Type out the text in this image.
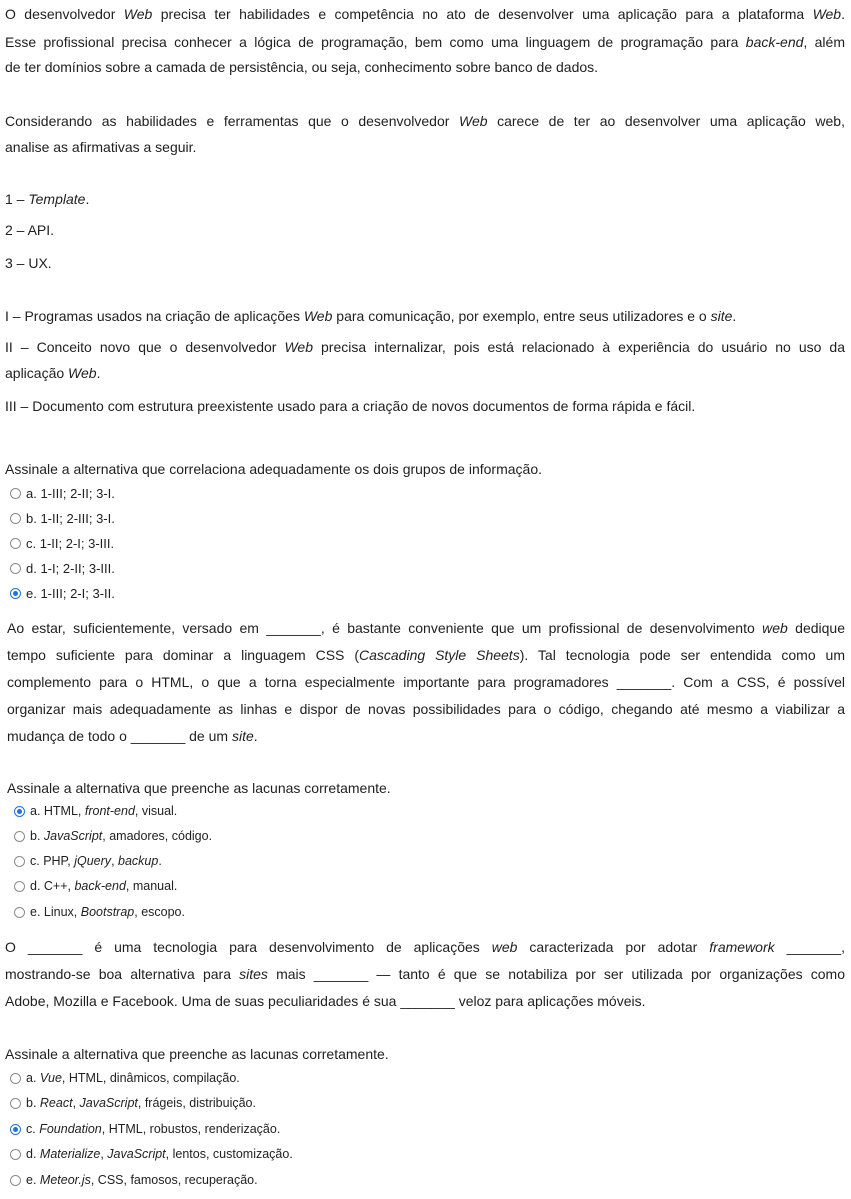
O desenvolvedor Web precisa ter habilidades e competência no ato de desenvolver uma aplicação para a plataforma Web.
Esse profissional precisa conhecer a lógica de programação, bem como uma linguagem de programação para back-end, além
de ter domínios sobre a camada de persistência, ou seja, conhecimento sobre banco de dados.
Considerando as habilidades e ferramentas que o desenvolvedor Web carece de ter ao desenvolver uma aplicação web,
analise as afirmativas a seguir.
1 – Template.
2 – API.
3 – UX.
I – Programas usados na criação de aplicações Web para comunicação, por exemplo, entre seus utilizadores e o site.
II – Conceito novo que o desenvolvedor Web precisa internalizar, pois está relacionado à experiência do usuário no uso da
aplicação Web.
III – Documento com estrutura preexistente usado para a criação de novos documentos de forma rápida e fácil.
Assinale a alternativa que correlaciona adequadamente os dois grupos de informação.
a. 1-III; 2-II; 3-I.
b. 1-II; 2-III; 3-I.
c. 1-II; 2-I; 3-III.
d. 1-I; 2-II; 3-III.
e. 1-III; 2-I; 3-II.
Ao estar, suficientemente, versado em _______, é bastante conveniente que um profissional de desenvolvimento web dedique
tempo suficiente para dominar a linguagem CSS (Cascading Style Sheets). Tal tecnologia pode ser entendida como um
complemento para o HTML, o que a torna especialmente importante para programadores _______. Com a CSS, é possível
organizar mais adequadamente as linhas e dispor de novas possibilidades para o código, chegando até mesmo a viabilizar a
mudança de todo o _______ de um site.
Assinale a alternativa que preenche as lacunas corretamente.
a. HTML, front-end, visual.
b. JavaScript, amadores, código.
c. PHP, jQuery, backup.
d. C++, back-end, manual.
e. Linux, Bootstrap, escopo.
O _______ é uma tecnologia para desenvolvimento de aplicações web caracterizada por adotar framework _______,
mostrando-se boa alternativa para sites mais _______ — tanto é que se notabiliza por ser utilizada por organizações como
Adobe, Mozilla e Facebook. Uma de suas peculiaridades é sua _______ veloz para aplicações móveis.
Assinale a alternativa que preenche as lacunas corretamente.
a. Vue, HTML, dinâmicos, compilação.
b. React, JavaScript, frágeis, distribuição.
c. Foundation, HTML, robustos, renderização.
d. Materialize, JavaScript, lentos, customização.
e. Meteor.js, CSS, famosos, recuperação.
